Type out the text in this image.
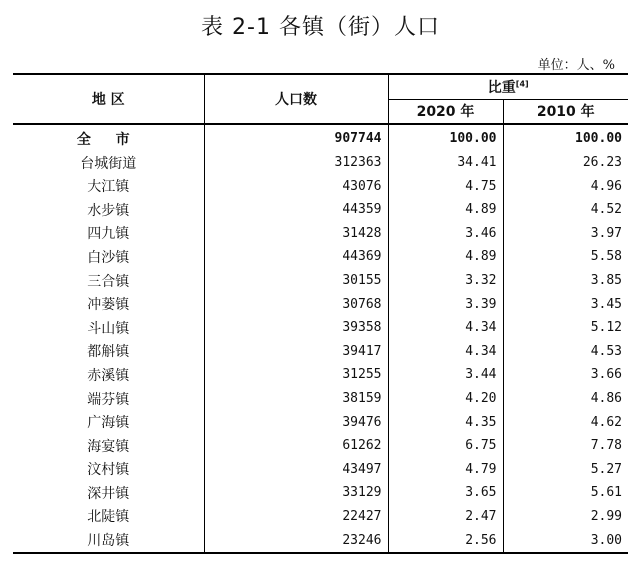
表 2-1 各镇（街）人口
单位：人、%
地 区	人口数	比重[4]
		2020 年	2010 年
全 市	907744	100.00	100.00
台城街道	312363	34.41	26.23
大江镇	43076	4.75	4.96
水步镇	44359	4.89	4.52
四九镇	31428	3.46	3.97
白沙镇	44369	4.89	5.58
三合镇	30155	3.32	3.85
冲蒌镇	30768	3.39	3.45
斗山镇	39358	4.34	5.12
都斛镇	39417	4.34	4.53
赤溪镇	31255	3.44	3.66
端芬镇	38159	4.20	4.86
广海镇	39476	4.35	4.62
海宴镇	61262	6.75	7.78
汶村镇	43497	4.79	5.27
深井镇	33129	3.65	5.61
北陡镇	22427	2.47	2.99
川岛镇	23246	2.56	3.00
